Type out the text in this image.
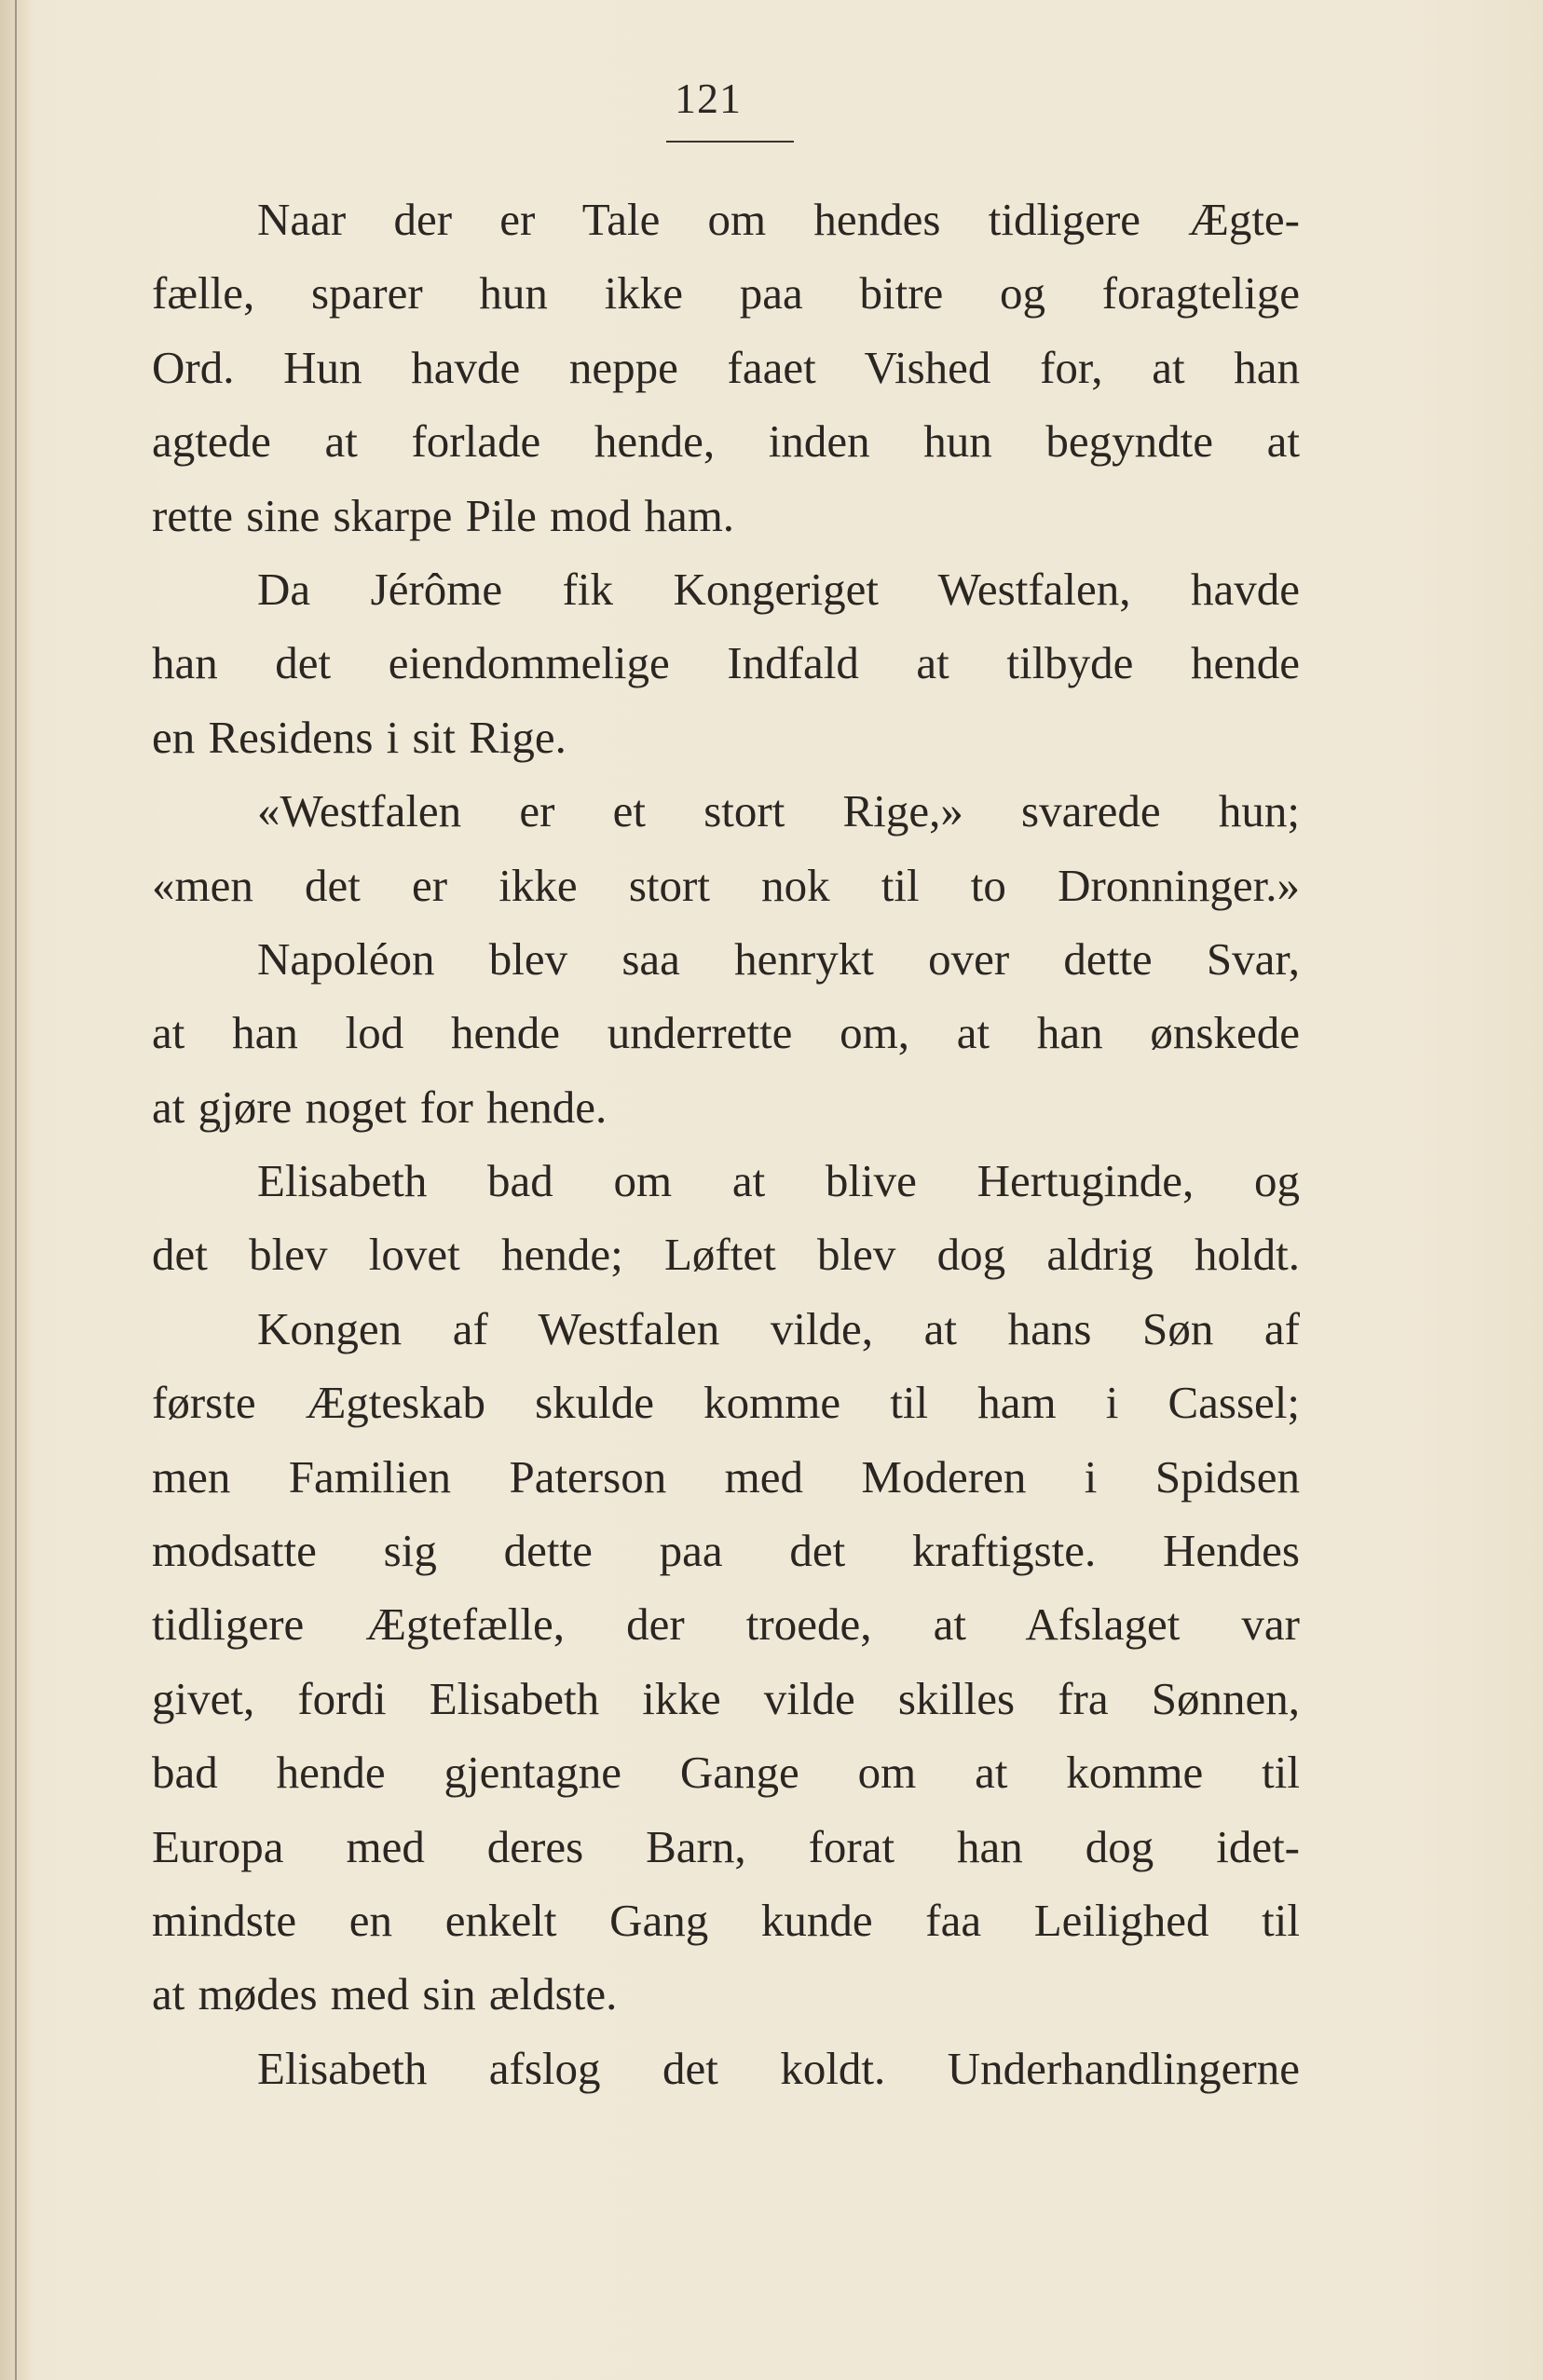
121
Naar der er Tale om hendes tidligere Ægte-
fælle, sparer hun ikke paa bitre og foragtelige
Ord. Hun havde neppe faaet Vished for, at han
agtede at forlade hende, inden hun begyndte at
rette sine skarpe Pile mod ham.
Da Jérôme fik Kongeriget Westfalen, havde
han det eiendommelige Indfald at tilbyde hende
en Residens i sit Rige.
«Westfalen er et stort Rige,» svarede hun;
«men det er ikke stort nok til to Dronninger.»
Napoléon blev saa henrykt over dette Svar,
at han lod hende underrette om, at han ønskede
at gjøre noget for hende.
Elisabeth bad om at blive Hertuginde, og
det blev lovet hende; Løftet blev dog aldrig holdt.
Kongen af Westfalen vilde, at hans Søn af
første Ægteskab skulde komme til ham i Cassel;
men Familien Paterson med Moderen i Spidsen
modsatte sig dette paa det kraftigste. Hendes
tidligere Ægtefælle, der troede, at Afslaget var
givet, fordi Elisabeth ikke vilde skilles fra Sønnen,
bad hende gjentagne Gange om at komme til
Europa med deres Barn, forat han dog idet-
mindste en enkelt Gang kunde faa Leilighed til
at mødes med sin ældste.
Elisabeth afslog det koldt. Underhandlingerne
